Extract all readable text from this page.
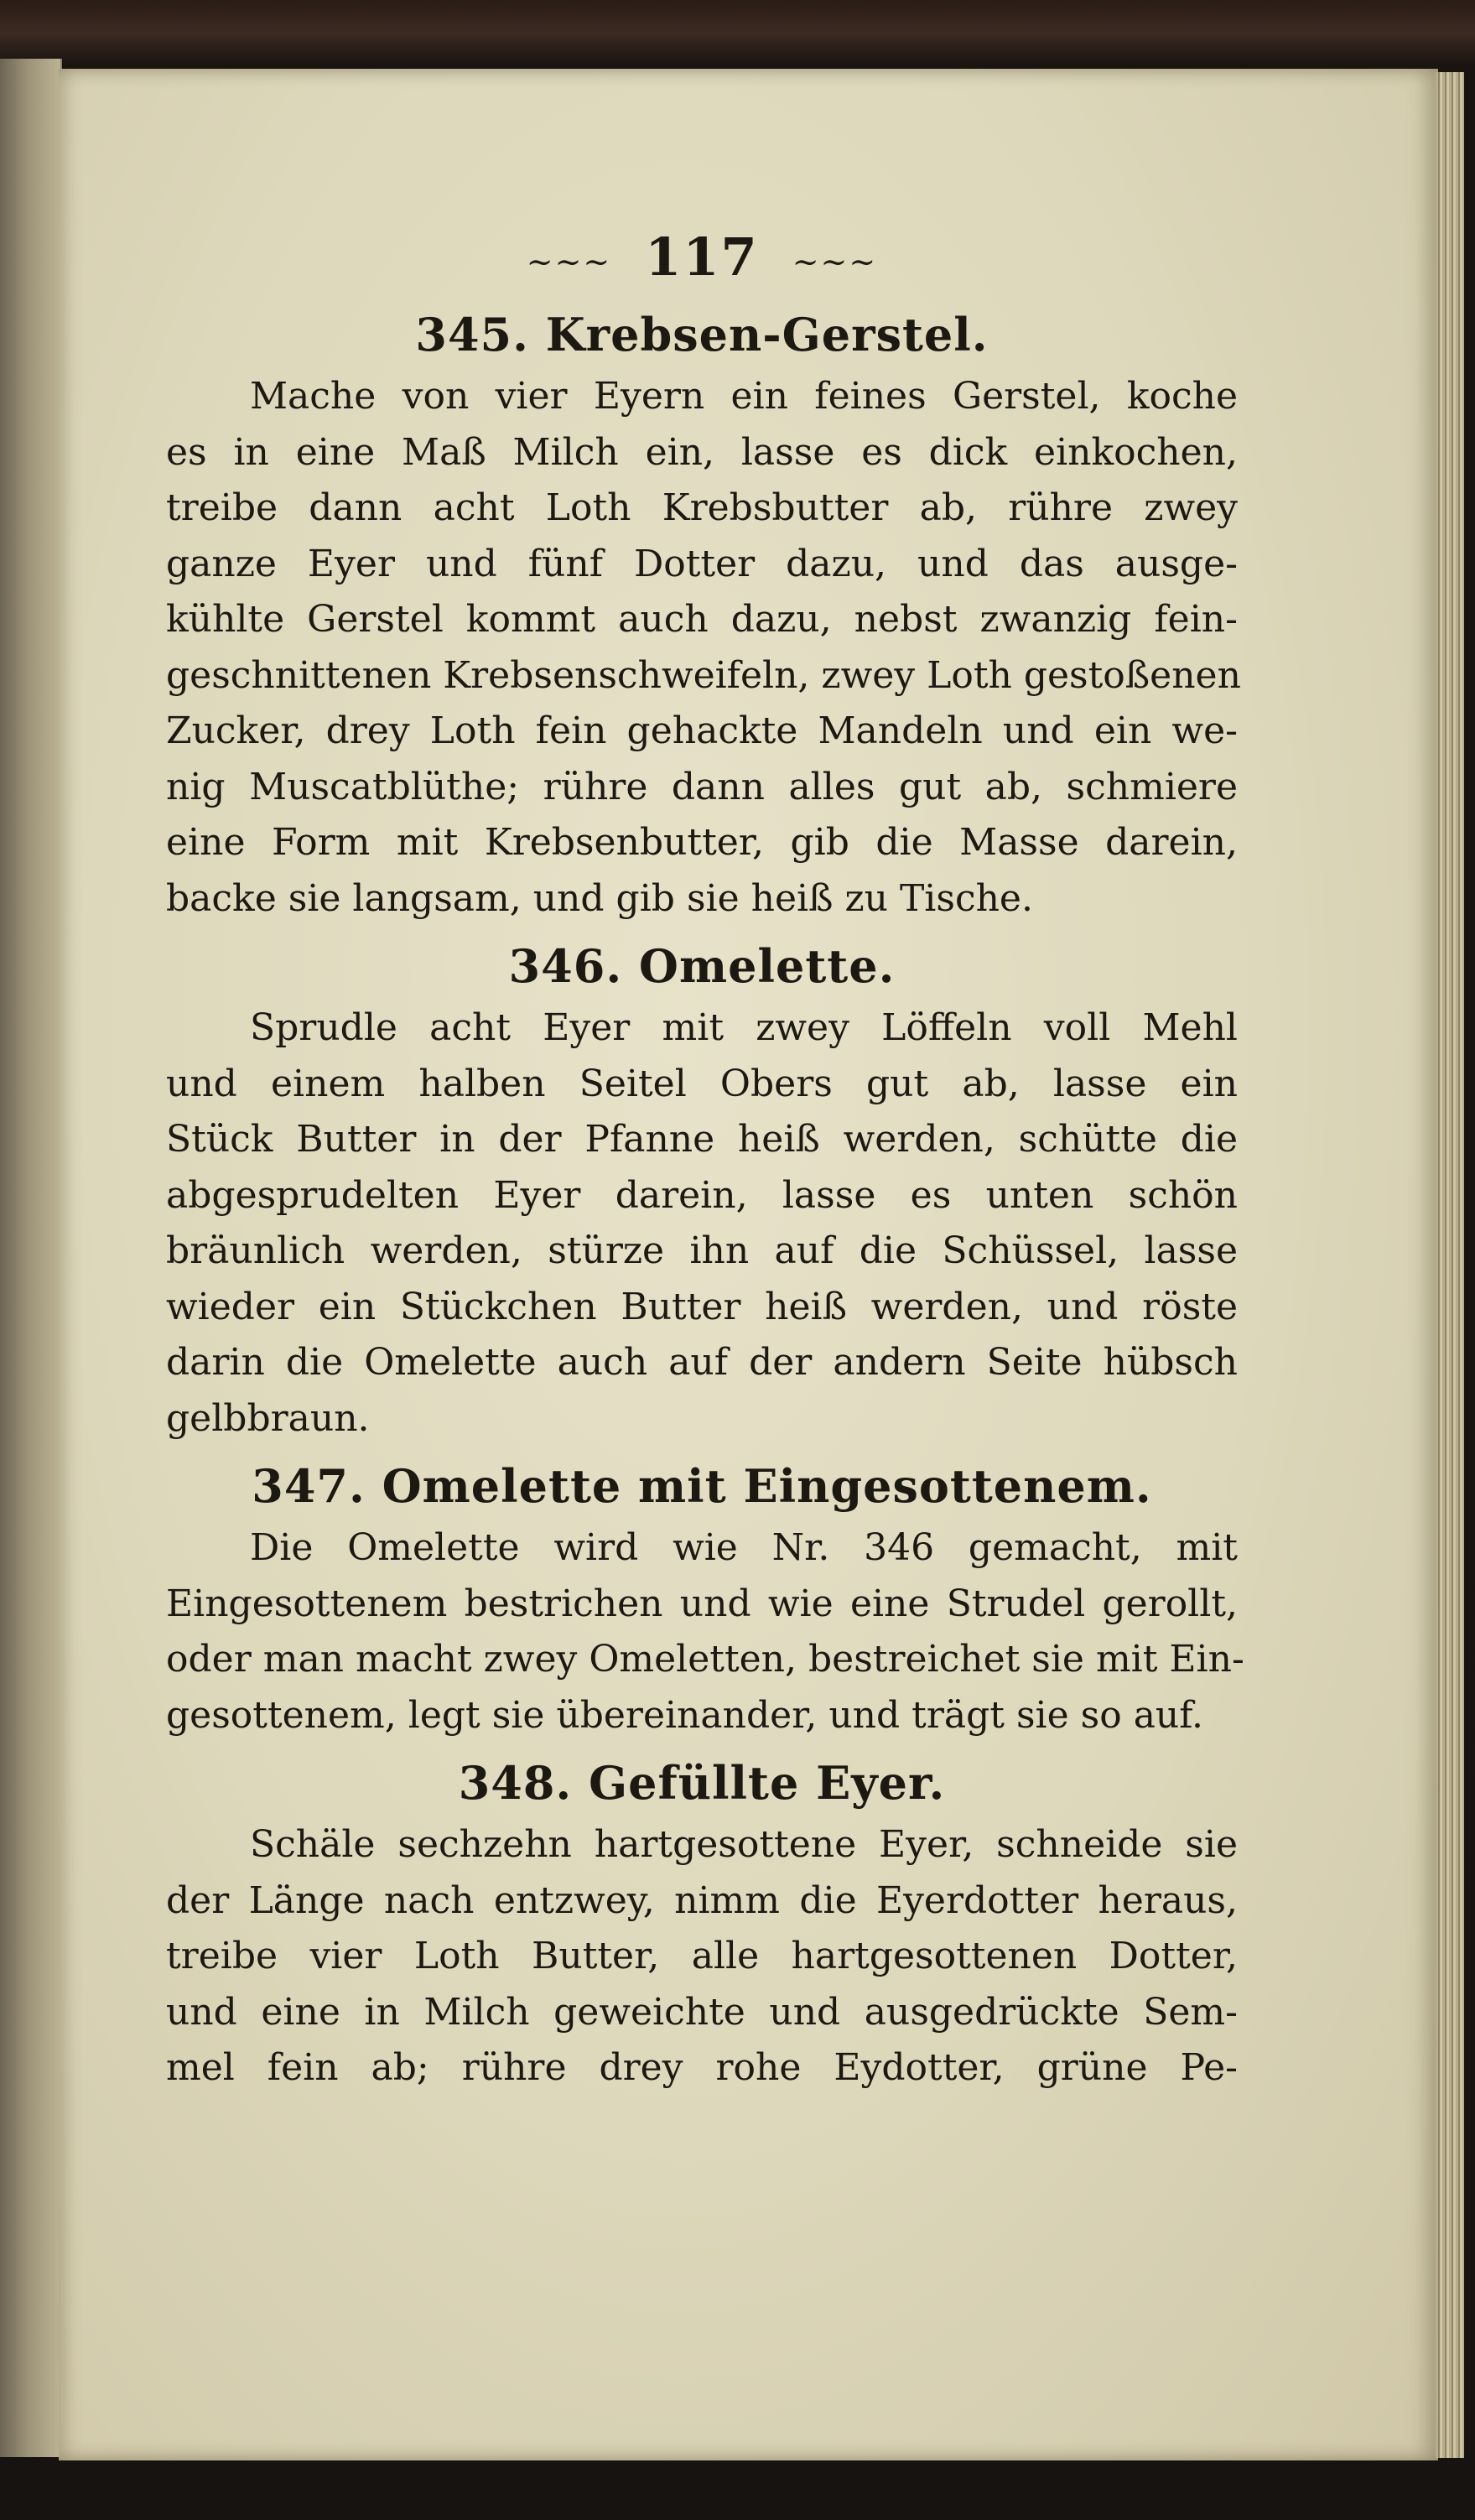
~~~ 117 ~~~
345. Krebsen-Gerstel.
Mache von vier Eyern ein feines Gerstel, koche
es in eine Maß Milch ein, lasse es dick einkochen,
treibe dann acht Loth Krebsbutter ab, rühre zwey
ganze Eyer und fünf Dotter dazu, und das ausge-
kühlte Gerstel kommt auch dazu, nebst zwanzig fein-
geschnittenen Krebsenschweifeln, zwey Loth gestoßenen
Zucker, drey Loth fein gehackte Mandeln und ein we-
nig Muscatblüthe; rühre dann alles gut ab, schmiere
eine Form mit Krebsenbutter, gib die Masse darein,
backe sie langsam, und gib sie heiß zu Tische.
346. Omelette.
Sprudle acht Eyer mit zwey Löffeln voll Mehl
und einem halben Seitel Obers gut ab, lasse ein
Stück Butter in der Pfanne heiß werden, schütte die
abgesprudelten Eyer darein, lasse es unten schön
bräunlich werden, stürze ihn auf die Schüssel, lasse
wieder ein Stückchen Butter heiß werden, und röste
darin die Omelette auch auf der andern Seite hübsch
gelbbraun.
347. Omelette mit Eingesottenem.
Die Omelette wird wie Nr. 346 gemacht, mit
Eingesottenem bestrichen und wie eine Strudel gerollt,
oder man macht zwey Omeletten, bestreichet sie mit Ein-
gesottenem, legt sie übereinander, und trägt sie so auf.
348. Gefüllte Eyer.
Schäle sechzehn hartgesottene Eyer, schneide sie
der Länge nach entzwey, nimm die Eyerdotter heraus,
treibe vier Loth Butter, alle hartgesottenen Dotter,
und eine in Milch geweichte und ausgedrückte Sem-
mel fein ab; rühre drey rohe Eydotter, grüne Pe-
